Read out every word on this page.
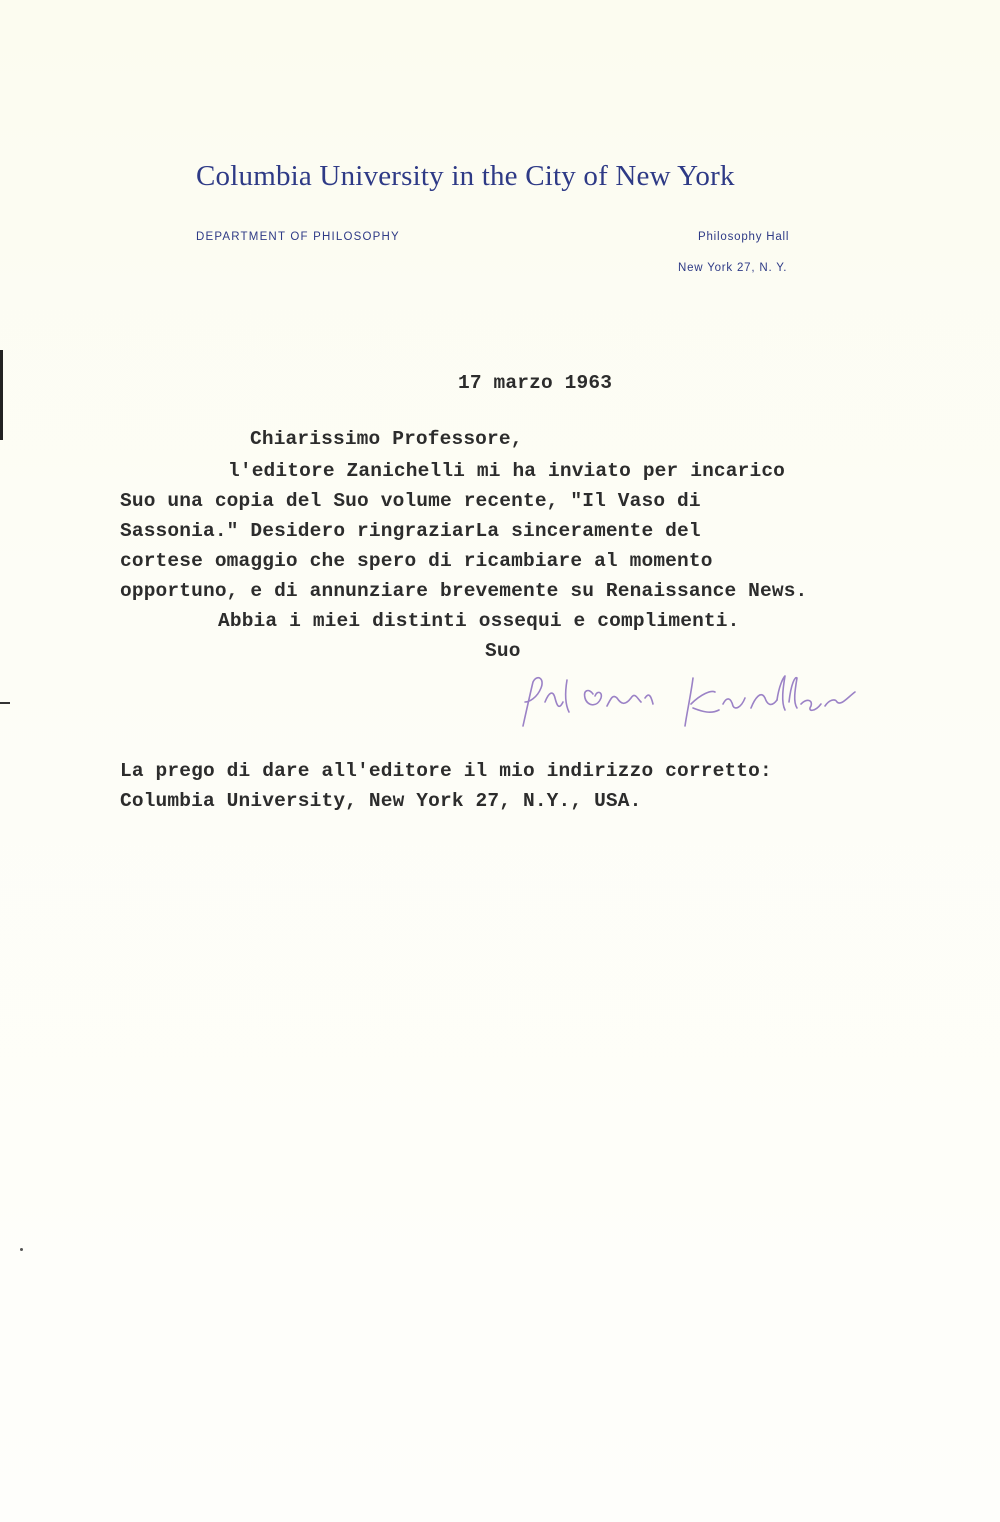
Columbia University in the City of New York
DEPARTMENT OF PHILOSOPHY	Philosophy Hall
New York 27, N. Y.
17 marzo 1963
Chiarissimo Professore,
l'editore Zanichelli mi ha inviato per incarico
Suo una copia del Suo volume recente, "Il Vaso di
Sassonia." Desidero ringraziarLa sinceramente del
cortese omaggio che spero di ricambiare al momento
opportuno, e di annunziare brevemente su Renaissance News.
Abbia i miei distinti ossequi e complimenti.
Suo
La prego di dare all'editore il mio indirizzo corretto:
Columbia University, New York 27, N.Y., USA.
